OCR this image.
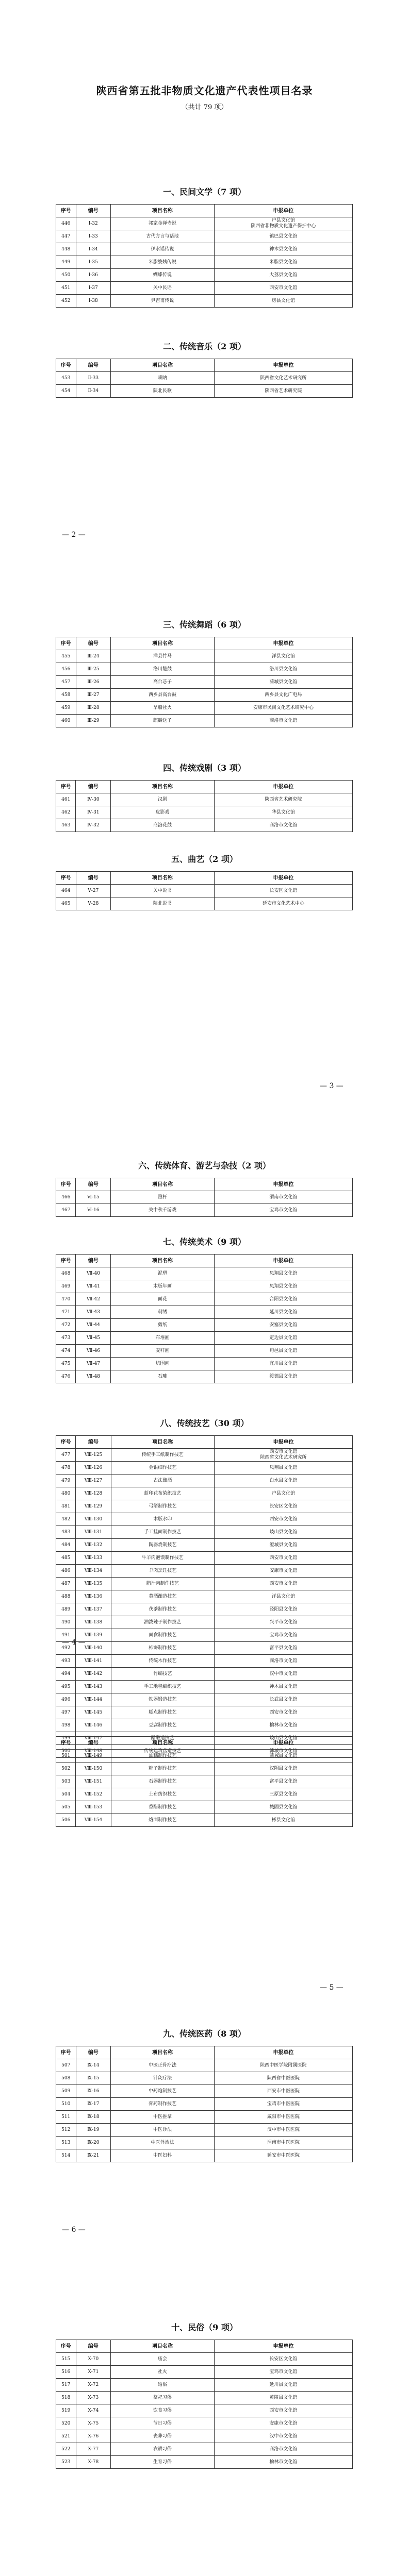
陕西省第五批非物质文化遗产代表性项目名录
（共计 79 项）
一、民间文学（7 项）
序号	编号	项目名称	申报单位
446	Ⅰ-32	祁家金禅寺说	户县文化馆
陕西省非物质文化遗产保护中心
447	Ⅰ-33	古代方言与话地	镇巴县文化馆
448	Ⅰ-34	伊水谣传说	神木县文化馆
449	Ⅰ-35	米脂婆姨传说	米脂县文化馆
450	Ⅰ-36	蝴蝶传说	大荔县文化馆
451	Ⅰ-37	关中民谣	西安市文化馆
452	Ⅰ-38	尹吉甫传说	房县文化馆
二、传统音乐（2 项）
序号	编号	项目名称	申报单位
453	Ⅱ-33	唢呐	陕西省文化艺术研究所
454	Ⅱ-34	陕北民歌	陕西省艺术研究院
三、传统舞蹈（6 项）
序号	编号	项目名称	申报单位
455	Ⅲ-24	洋县竹马	洋县文化馆
456	Ⅲ-25	洛川蹩鼓	洛川县文化馆
457	Ⅲ-26	高台芯子	蒲城县文化馆
458	Ⅲ-27	西乡县高台鼓	西乡县文化广电局
459	Ⅲ-28	旱船社火	安康市民间文化艺术研究中心
460	Ⅲ-29	麒麟送子	商洛市文化馆
四、传统戏剧（3 项）
序号	编号	项目名称	申报单位
461	Ⅳ-30	汉剧	陕西省艺术研究院
462	Ⅳ-31	皮影戏	华县文化馆
463	Ⅳ-32	商洛花鼓	商洛市文化馆
五、曲艺（2 项）
序号	编号	项目名称	申报单位
464	Ⅴ-27	关中说书	长安区文化馆
465	Ⅴ-28	陕北说书	延安市文化艺术中心
六、传统体育、游艺与杂技（2 项）
序号	编号	项目名称	申报单位
466	Ⅵ-15	蹬杆	渭南市文化馆
467	Ⅵ-16	关中秋千游戏	宝鸡市文化馆
七、传统美术（9 项）
序号	编号	项目名称	申报单位
468	Ⅶ-40	泥塑	凤翔县文化馆
469	Ⅶ-41	木版年画	凤翔县文化馆
470	Ⅶ-42	面花	合阳县文化馆
471	Ⅶ-43	刺绣	延川县文化馆
472	Ⅶ-44	剪纸	安塞县文化馆
473	Ⅶ-45	布堆画	定边县文化馆
474	Ⅶ-46	麦秆画	旬邑县文化馆
475	Ⅶ-47	炕围画	宜川县文化馆
476	Ⅶ-48	石雕	绥德县文化馆
八、传统技艺（30 项）
序号	编号	项目名称	申报单位
477	Ⅷ-125	传统手工纸制作技艺	西安市文化馆
陕西省文化艺术研究所
478	Ⅷ-126	金银细作技艺	凤翔县文化馆
479	Ⅷ-127	古法酿酒	白水县文化馆
480	Ⅷ-128	蓝印花布染织技艺	户县文化馆
481	Ⅷ-129	弓箭制作技艺	长安区文化馆
482	Ⅷ-130	木版水印	西安市文化馆
483	Ⅷ-131	手工挂面制作技艺	岐山县文化馆
484	Ⅷ-132	陶器烧制技艺	澄城县文化馆
485	Ⅷ-133	牛羊肉泡馍制作技艺	西安市文化馆
486	Ⅷ-134	羊肉烹饪技艺	安康市文化馆
487	Ⅷ-135	腊汁肉制作技艺	西安市文化馆
488	Ⅷ-136	黄酒酿造技艺	洋县文化馆
489	Ⅷ-137	茯茶制作技艺	泾阳县文化馆
490	Ⅷ-138	油泼辣子制作技艺	兴平市文化馆
491	Ⅷ-139	面食制作技艺	宝鸡市文化馆
492	Ⅷ-140	柿饼制作技艺	富平县文化馆
493	Ⅷ-141	传统木作技艺	商洛市文化馆
494	Ⅷ-142	竹编技艺	汉中市文化馆
495	Ⅷ-143	手工地毯编织技艺	神木县文化馆
496	Ⅷ-144	铁器锻造技艺	长武县文化馆
497	Ⅷ-145	糕点制作技艺	西安市文化馆
498	Ⅷ-146	豆腐制作技艺	榆林市文化馆
499	Ⅷ-147	醋酿造技艺	岐山县文化馆
500	Ⅷ-148	传统建筑营造技艺	韩城市文化馆
序号	编号	项目名称	申报单位
501	Ⅷ-149	油糕制作技艺	蒲城县文化馆
502	Ⅷ-150	粽子制作技艺	汉阴县文化馆
503	Ⅷ-151	石器制作技艺	富平县文化馆
504	Ⅷ-152	土布纺织技艺	三原县文化馆
505	Ⅷ-153	香醋制作技艺	城固县文化馆
506	Ⅷ-154	烙面制作技艺	彬县文化馆
九、传统医药（8 项）
序号	编号	项目名称	申报单位
507	Ⅸ-14	中医正骨疗法	陕西中医学院附属医院
508	Ⅸ-15	针灸疗法	陕西省中医医院
509	Ⅸ-16	中药炮制技艺	西安市中医医院
510	Ⅸ-17	膏药制作技艺	宝鸡市中医医院
511	Ⅸ-18	中医推拿	咸阳市中医医院
512	Ⅸ-19	中医诊法	汉中市中医医院
513	Ⅸ-20	中医外治法	渭南市中医医院
514	Ⅸ-21	中医妇科	延安市中医医院
十、民俗（9 项）
序号	编号	项目名称	申报单位
515	Ⅹ-70	庙会	长安区文化馆
516	Ⅹ-71	社火	宝鸡市文化馆
517	Ⅹ-72	婚俗	延川县文化馆
518	Ⅹ-73	祭祀习俗	黄陵县文化馆
519	Ⅹ-74	饮食习俗	西安市文化馆
520	Ⅹ-75	节日习俗	安康市文化馆
521	Ⅹ-76	丧葬习俗	汉中市文化馆
522	Ⅹ-77	农耕习俗	商洛市文化馆
523	Ⅹ-78	生育习俗	榆林市文化馆
— 2 —
— 3 —
— 4 —
— 5 —
— 6 —
